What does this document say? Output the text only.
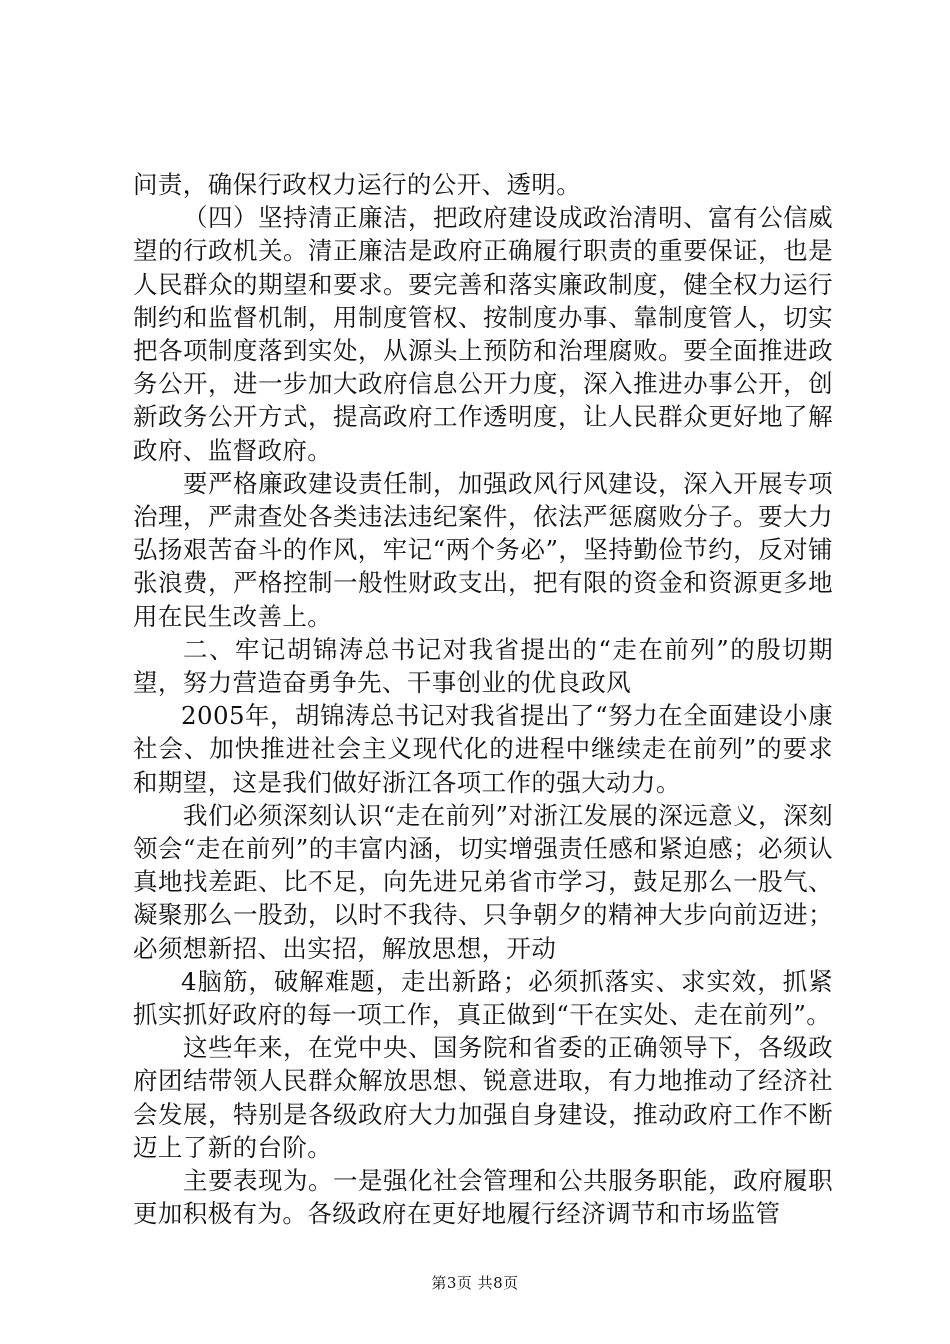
问责，确保行政权力运行的公开、透明。

（四）坚持清正廉洁，把政府建设成政治清明、富有公信威望的行政机关。清正廉洁是政府正确履行职责的重要保证，也是人民群众的期望和要求。要完善和落实廉政制度，健全权力运行制约和监督机制，用制度管权、按制度办事、靠制度管人，切实把各项制度落到实处，从源头上预防和治理腐败。要全面推进政务公开，进一步加大政府信息公开力度，深入推进办事公开，创新政务公开方式，提高政府工作透明度，让人民群众更好地了解政府、监督政府。

要严格廉政建设责任制，加强政风行风建设，深入开展专项治理，严肃查处各类违法违纪案件，依法严惩腐败分子。要大力弘扬艰苦奋斗的作风，牢记“两个务必”，坚持勤俭节约，反对铺张浪费，严格控制一般性财政支出，把有限的资金和资源更多地用在民生改善上。

二、牢记胡锦涛总书记对我省提出的“走在前列”的殷切期望，努力营造奋勇争先、干事创业的优良政风

2005年，胡锦涛总书记对我省提出了“努力在全面建设小康社会、加快推进社会主义现代化的进程中继续走在前列”的要求和期望，这是我们做好浙江各项工作的强大动力。

我们必须深刻认识“走在前列”对浙江发展的深远意义，深刻领会“走在前列”的丰富内涵，切实增强责任感和紧迫感；必须认真地找差距、比不足，向先进兄弟省市学习，鼓足那么一股气、凝聚那么一股劲，以时不我待、只争朝夕的精神大步向前迈进；必须想新招、出实招，解放思想，开动

4脑筋，破解难题，走出新路；必须抓落实、求实效，抓紧抓实抓好政府的每一项工作，真正做到“干在实处、走在前列”。

这些年来，在党中央、国务院和省委的正确领导下，各级政府团结带领人民群众解放思想、锐意进取，有力地推动了经济社会发展，特别是各级政府大力加强自身建设，推动政府工作不断迈上了新的台阶。

主要表现为。一是强化社会管理和公共服务职能，政府履职更加积极有为。各级政府在更好地履行经济调节和市场监管

第3页 共8页
